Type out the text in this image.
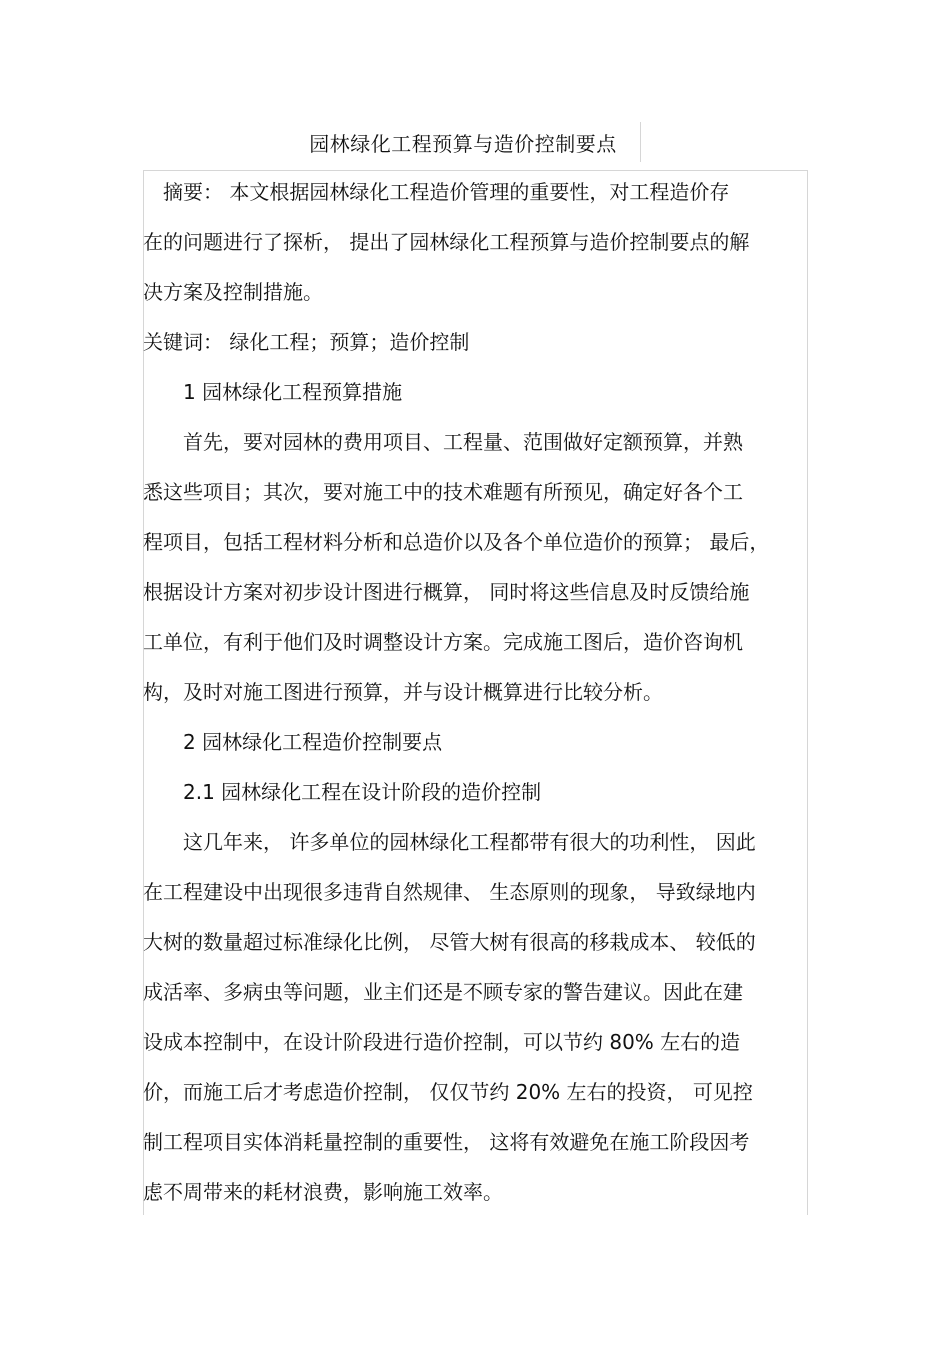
园林绿化工程预算与造价控制要点
　摘要： 本文根据园林绿化工程造价管理的重要性，对工程造价存
在的问题进行了探析， 提出了园林绿化工程预算与造价控制要点的解
决方案及控制措施。
关键词： 绿化工程；预算；造价控制
　　1 园林绿化工程预算措施
　　首先，要对园林的费用项目、工程量、范围做好定额预算，并熟
悉这些项目；其次，要对施工中的技术难题有所预见，确定好各个工
程项目，包括工程材料分析和总造价以及各个单位造价的预算； 最后，
根据设计方案对初步设计图进行概算， 同时将这些信息及时反馈给施
工单位，有利于他们及时调整设计方案。完成施工图后，造价咨询机
构，及时对施工图进行预算，并与设计概算进行比较分析。
　　2 园林绿化工程造价控制要点
　　2.1 园林绿化工程在设计阶段的造价控制
　　这几年来， 许多单位的园林绿化工程都带有很大的功利性， 因此
在工程建设中出现很多违背自然规律、 生态原则的现象， 导致绿地内
大树的数量超过标准绿化比例， 尽管大树有很高的移栽成本、 较低的
成活率、多病虫等问题，业主们还是不顾专家的警告建议。因此在建
设成本控制中，在设计阶段进行造价控制，可以节约 80% 左右的造
价，而施工后才考虑造价控制， 仅仅节约 20% 左右的投资， 可见控
制工程项目实体消耗量控制的重要性， 这将有效避免在施工阶段因考
虑不周带来的耗材浪费，影响施工效率。
